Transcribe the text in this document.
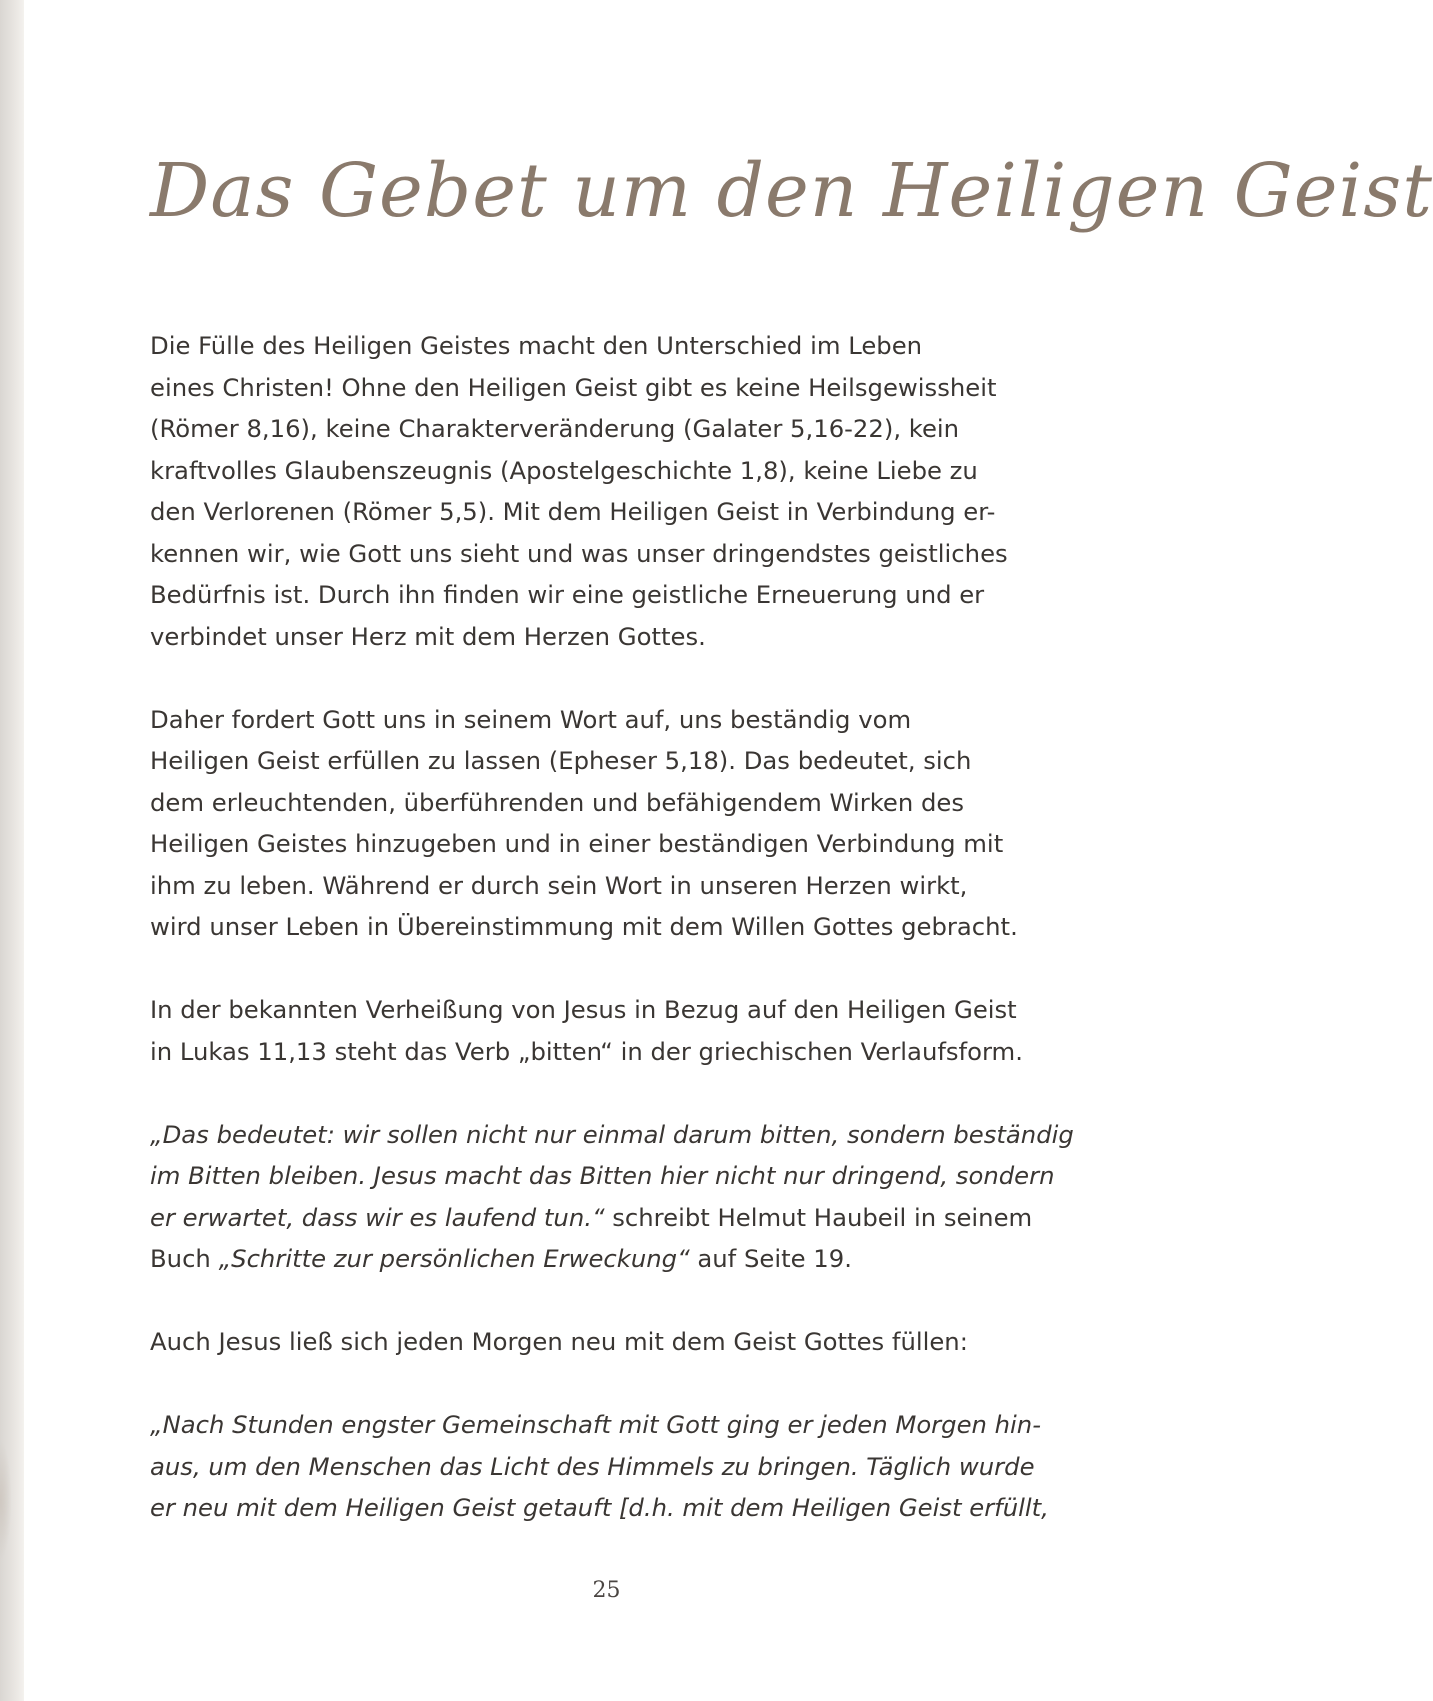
Das Gebet um den Heiligen Geist

Die Fülle des Heiligen Geistes macht den Unterschied im Leben
eines Christen! Ohne den Heiligen Geist gibt es keine Heilsgewissheit
(Römer 8,16), keine Charakterveränderung (Galater 5,16-22), kein
kraftvolles Glaubenszeugnis (Apostelgeschichte 1,8), keine Liebe zu
den Verlorenen (Römer 5,5). Mit dem Heiligen Geist in Verbindung er-
kennen wir, wie Gott uns sieht und was unser dringendstes geistliches
Bedürfnis ist. Durch ihn finden wir eine geistliche Erneuerung und er
verbindet unser Herz mit dem Herzen Gottes.

Daher fordert Gott uns in seinem Wort auf, uns beständig vom
Heiligen Geist erfüllen zu lassen (Epheser 5,18). Das bedeutet, sich
dem erleuchtenden, überführenden und befähigendem Wirken des
Heiligen Geistes hinzugeben und in einer beständigen Verbindung mit
ihm zu leben. Während er durch sein Wort in unseren Herzen wirkt,
wird unser Leben in Übereinstimmung mit dem Willen Gottes gebracht.

In der bekannten Verheißung von Jesus in Bezug auf den Heiligen Geist
in Lukas 11,13 steht das Verb „bitten“ in der griechischen Verlaufsform.

„Das bedeutet: wir sollen nicht nur einmal darum bitten, sondern beständig
im Bitten bleiben. Jesus macht das Bitten hier nicht nur dringend, sondern
er erwartet, dass wir es laufend tun.“ schreibt Helmut Haubeil in seinem
Buch „Schritte zur persönlichen Erweckung“ auf Seite 19.

Auch Jesus ließ sich jeden Morgen neu mit dem Geist Gottes füllen:

„Nach Stunden engster Gemeinschaft mit Gott ging er jeden Morgen hin-
aus, um den Menschen das Licht des Himmels zu bringen. Täglich wurde
er neu mit dem Heiligen Geist getauft [d.h. mit dem Heiligen Geist erfüllt,

25
